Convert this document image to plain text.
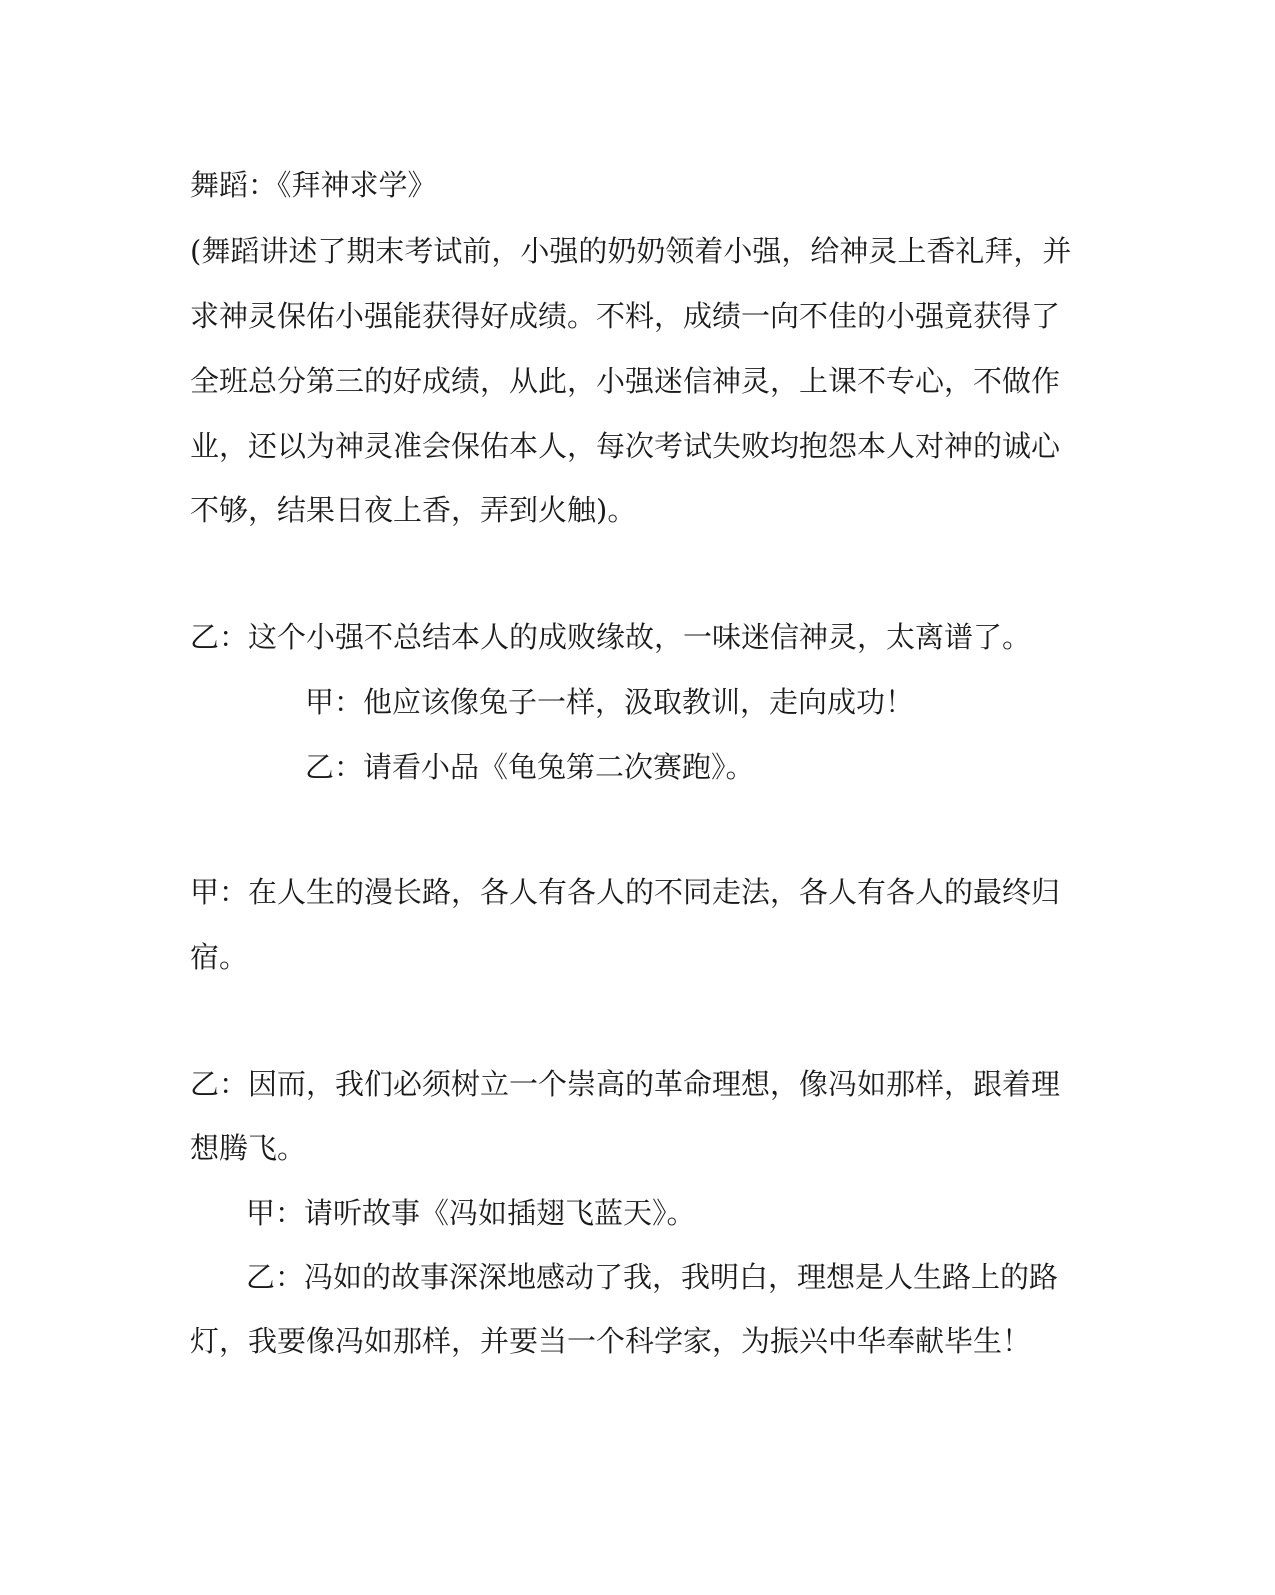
舞蹈：《拜神求学》
(舞蹈讲述了期末考试前，小强的奶奶领着小强，给神灵上香礼拜，并
求神灵保佑小强能获得好成绩。不料，成绩一向不佳的小强竟获得了
全班总分第三的好成绩，从此，小强迷信神灵，上课不专心，不做作
业，还以为神灵准会保佑本人，每次考试失败均抱怨本人对神的诚心
不够，结果日夜上香，弄到火触)。
乙：这个小强不总结本人的成败缘故，一味迷信神灵，太离谱了。
甲：他应该像兔子一样，汲取教训，走向成功！
乙：请看小品《龟兔第二次赛跑》。
甲：在人生的漫长路，各人有各人的不同走法，各人有各人的最终归
宿。
乙：因而，我们必须树立一个崇高的革命理想，像冯如那样，跟着理
想腾飞。
甲：请听故事《冯如插翅飞蓝天》。
乙：冯如的故事深深地感动了我，我明白，理想是人生路上的路
灯，我要像冯如那样，并要当一个科学家，为振兴中华奉献毕生！
